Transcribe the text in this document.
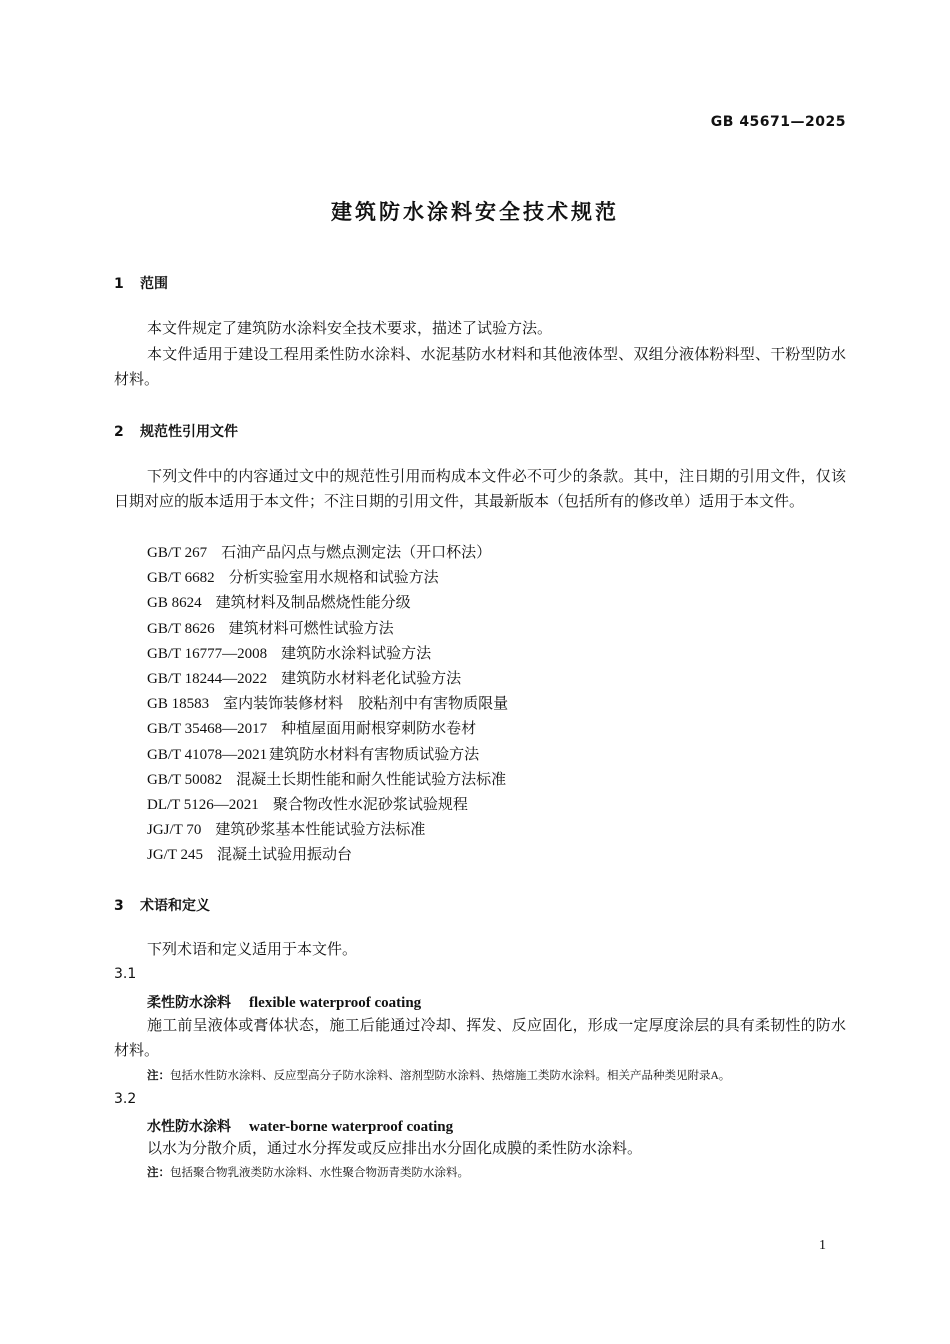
GB 45671—2025
建筑防水涂料安全技术规范
1 范围

本文件规定了建筑防水涂料安全技术要求，描述了试验方法。

本文件适用于建设工程用柔性防水涂料、水泥基防水材料和其他液体型、双组分液体粉料型、干粉型防水材料。

2 规范性引用文件

下列文件中的内容通过文中的规范性引用而构成本文件必不可少的条款。其中，注日期的引用文件，仅该日期对应的版本适用于本文件；不注日期的引用文件，其最新版本（包括所有的修改单）适用于本文件。

GB/T 267 石油产品闪点与燃点测定法（开口杯法）
GB/T 6682 分析实验室用水规格和试验方法
GB 8624 建筑材料及制品燃烧性能分级
GB/T 8626 建筑材料可燃性试验方法
GB/T 16777—2008 建筑防水涂料试验方法
GB/T 18244—2022 建筑防水材料老化试验方法
GB 18583 室内装饰装修材料　胶粘剂中有害物质限量
GB/T 35468—2017 种植屋面用耐根穿刺防水卷材
GB/T 41078—2021 建筑防水材料有害物质试验方法
GB/T 50082 混凝土长期性能和耐久性能试验方法标准
DL/T 5126—2021 聚合物改性水泥砂浆试验规程
JGJ/T 70 建筑砂浆基本性能试验方法标准
JG/T 245 混凝土试验用振动台
3 术语和定义

下列术语和定义适用于本文件。

3.1
柔性防水涂料 flexible waterproof coating

施工前呈液体或膏体状态，施工后能通过冷却、挥发、反应固化，形成一定厚度涂层的具有柔韧性的防水材料。

注：包括水性防水涂料、反应型高分子防水涂料、溶剂型防水涂料、热熔施工类防水涂料。相关产品种类见附录A。
3.2
水性防水涂料 water-borne waterproof coating

以水为分散介质，通过水分挥发或反应排出水分固化成膜的柔性防水涂料。

注：包括聚合物乳液类防水涂料、水性聚合物沥青类防水涂料。
1
